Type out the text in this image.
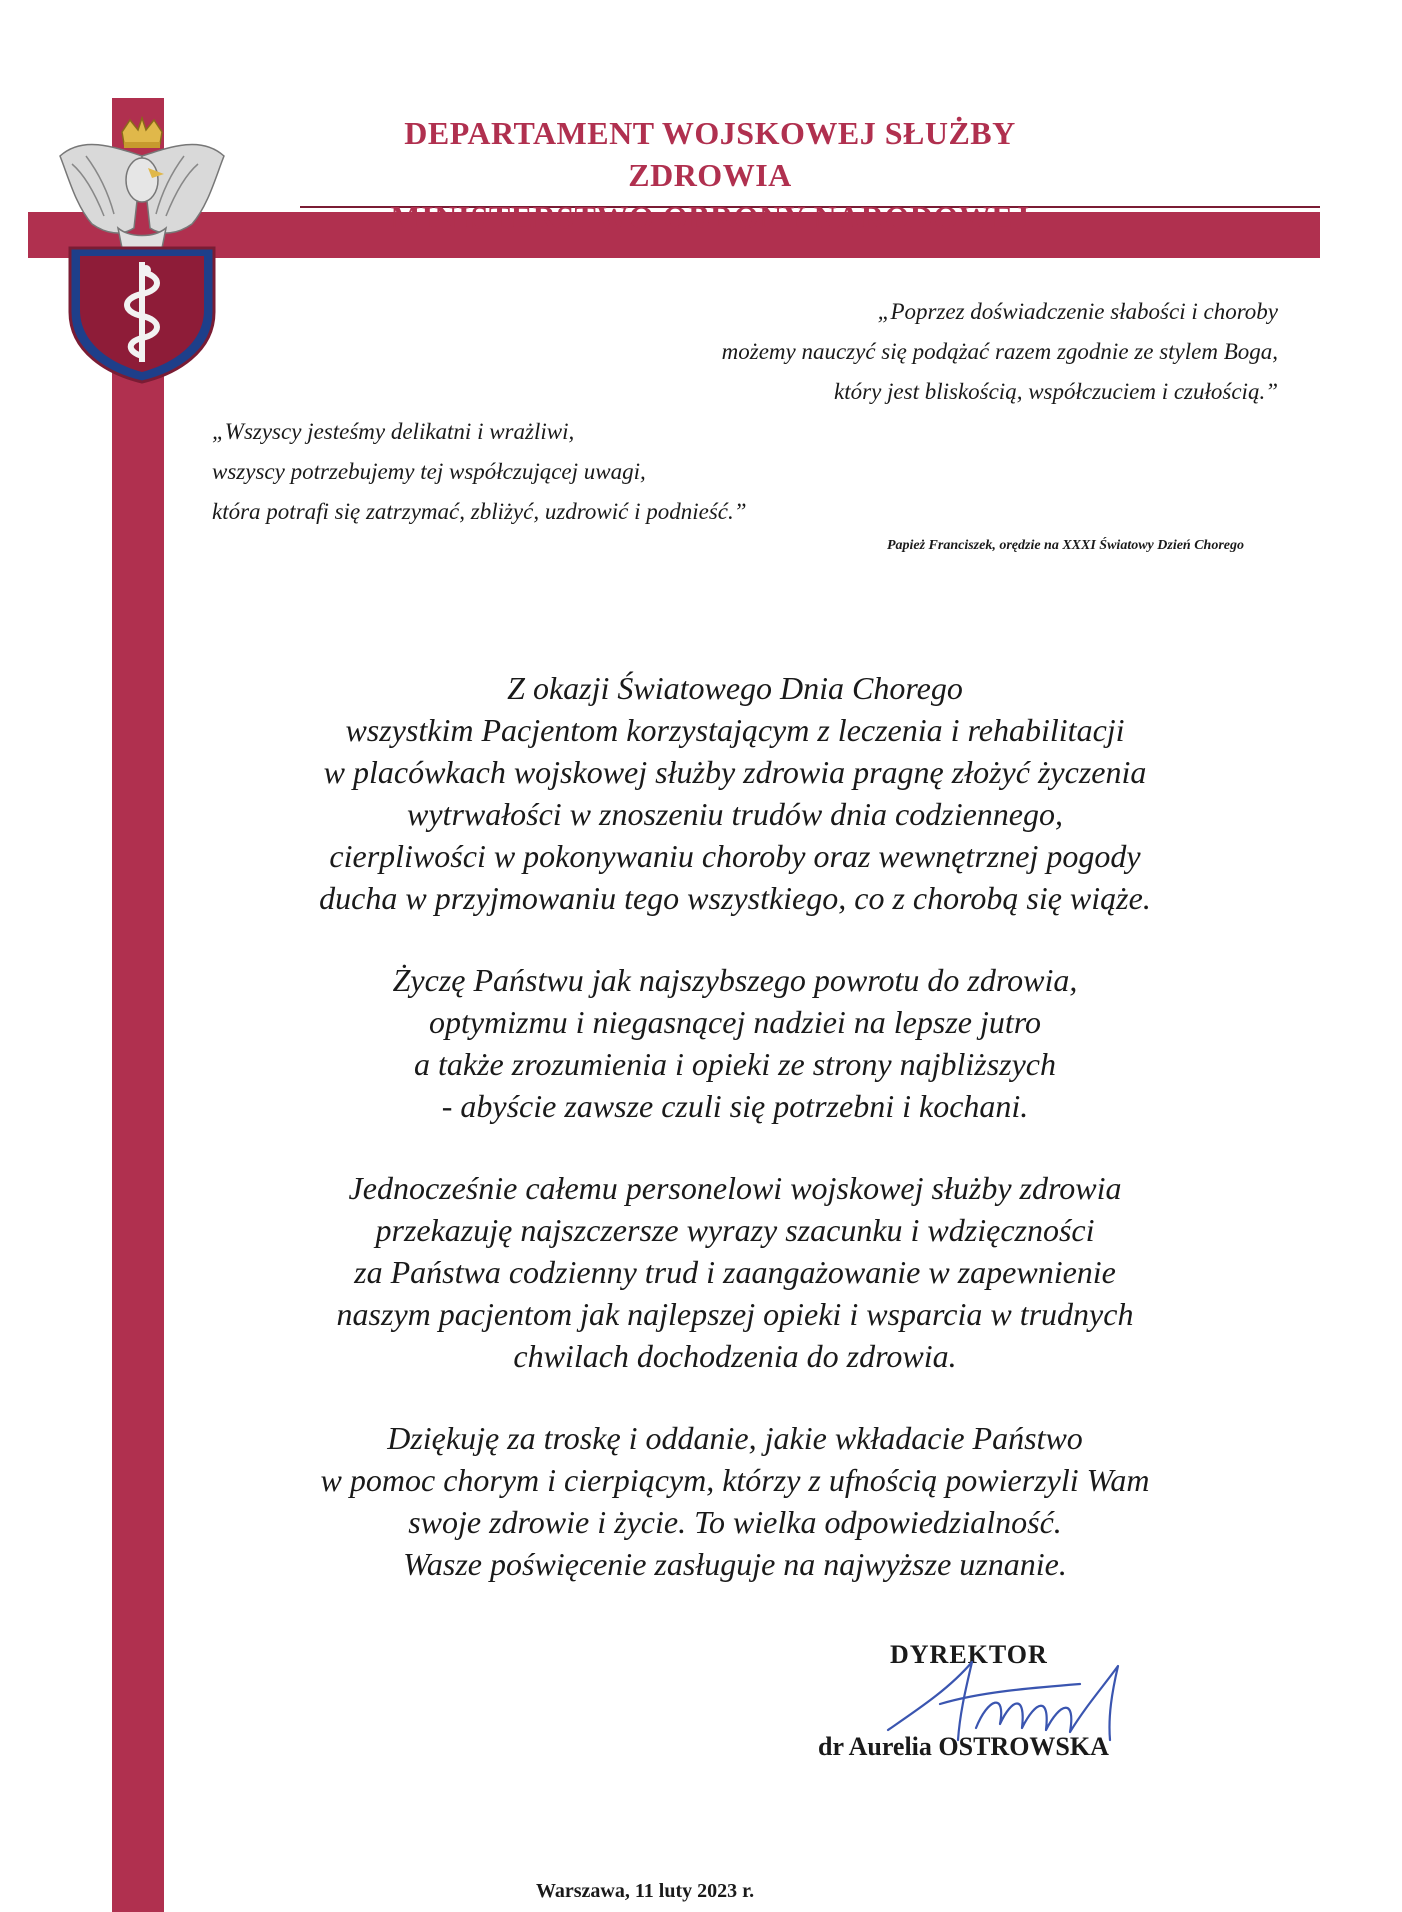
DEPARTAMENT WOJSKOWEJ SŁUŻBY ZDROWIA
MINISTERSTWO OBRONY NARODOWEJ
„Poprzez doświadczenie słabości i choroby
możemy nauczyć się podążać razem zgodnie ze stylem Boga,
który jest bliskością, współczuciem i czułością.”
„Wszyscy jesteśmy delikatni i wrażliwi,
wszyscy potrzebujemy tej współczującej uwagi,
która potrafi się zatrzymać, zbliżyć, uzdrowić i podnieść.”
Papież Franciszek, orędzie na XXXI Światowy Dzień Chorego

Z okazji Światowego Dnia Chorego
wszystkim Pacjentom korzystającym z leczenia i rehabilitacji
w placówkach wojskowej służby zdrowia pragnę złożyć życzenia
wytrwałości w znoszeniu trudów dnia codziennego,
cierpliwości w pokonywaniu choroby oraz wewnętrznej pogody
ducha w przyjmowaniu tego wszystkiego, co z chorobą się wiąże.

Życzę Państwu jak najszybszego powrotu do zdrowia,
optymizmu i niegasnącej nadziei na lepsze jutro
a także zrozumienia i opieki ze strony najbliższych
- abyście zawsze czuli się potrzebni i kochani.

Jednocześnie całemu personelowi wojskowej służby zdrowia
przekazuję najszczersze wyrazy szacunku i wdzięczności
za Państwa codzienny trud i zaangażowanie w zapewnienie
naszym pacjentom jak najlepszej opieki i wsparcia w trudnych
chwilach dochodzenia do zdrowia.

Dziękuję za troskę i oddanie, jakie wkładacie Państwo
w pomoc chorym i cierpiącym, którzy z ufnością powierzyli Wam
swoje zdrowie i życie. To wielka odpowiedzialność.
Wasze poświęcenie zasługuje na najwyższe uznanie.

DYREKTOR
dr Aurelia OSTROWSKA
Warszawa, 11 luty 2023 r.
